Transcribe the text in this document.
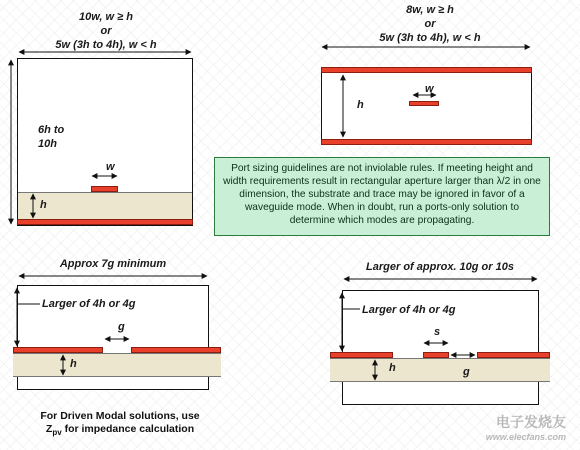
10w, w ≥ h
or
5w (3h to 4h), w < h
6h to
10h
w
h
8w, w ≥ h
or
5w (3h to 4h), w < h
w
h
Port sizing guidelines are not inviolable rules. If meeting height and width requirements result in rectangular aperture larger than λ/2 in one dimension, the substrate and trace may be ignored in favor of a waveguide mode. When in doubt, run a ports-only solution to determine which modes are propagating.
Approx 7g minimum
Larger of 4h or 4g
g
h
For Driven Modal solutions, use
$Z_{pv}$ for impedance calculation
Larger of approx. 10g or 10s
Larger of 4h or 4g
s
h	g
电子发烧友
www.elecfans.com
